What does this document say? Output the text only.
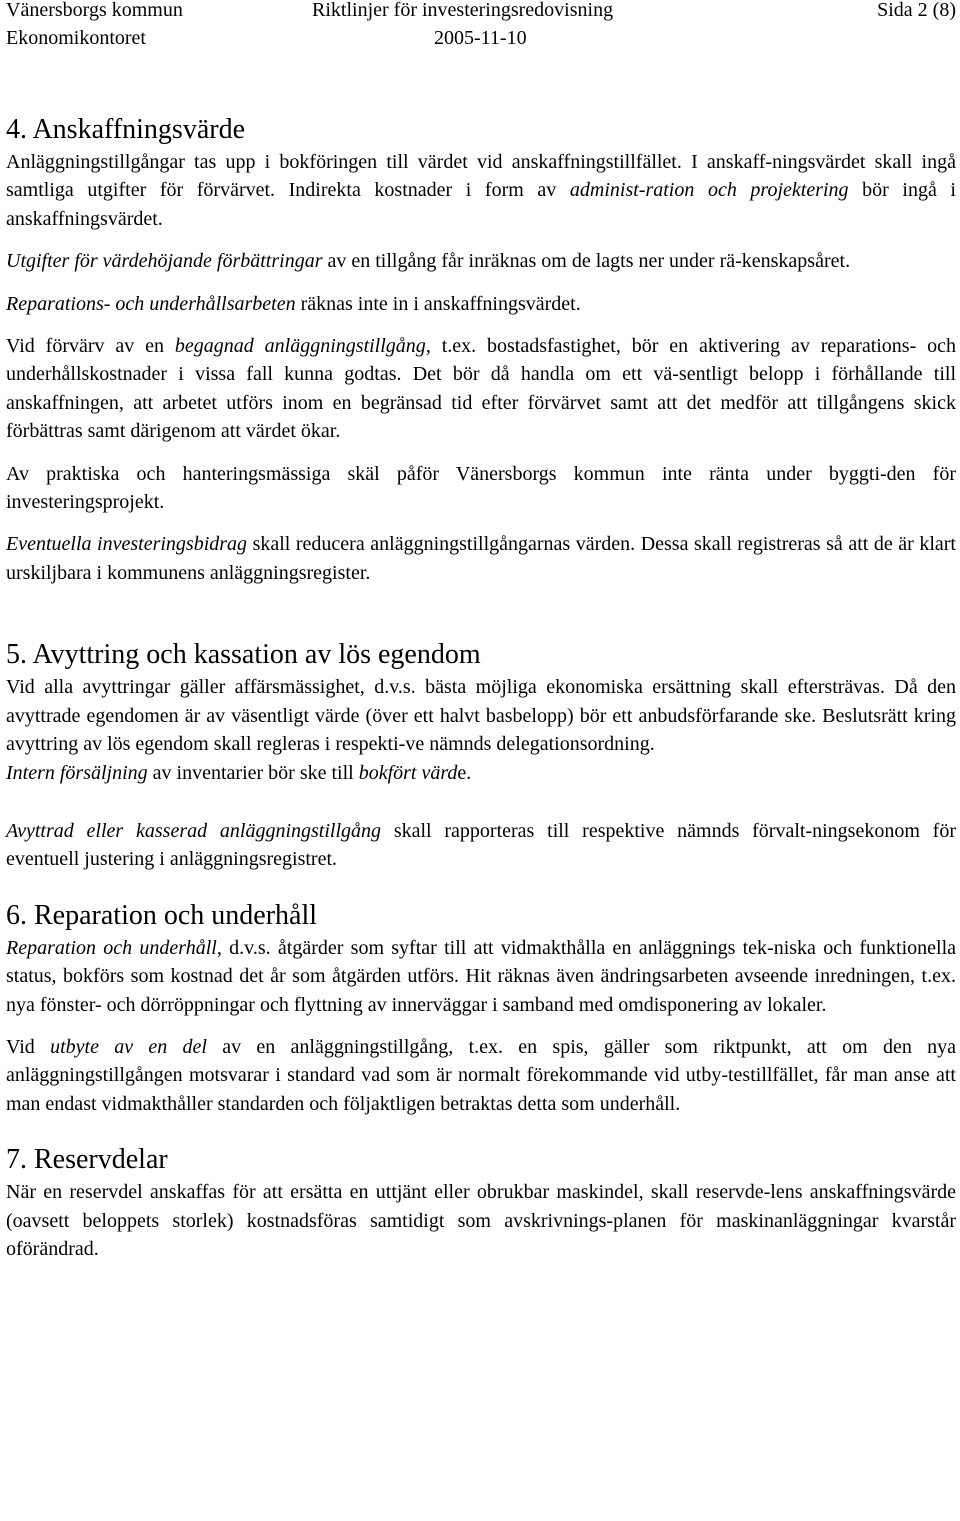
Vänersborgs kommun	Riktlinjer för investeringsredovisning	Sida 2 (8)
Ekonomikontoret	2005-11-10
4. Anskaffningsvärde

Anläggningstillgångar tas upp i bokföringen till värdet vid anskaffningstillfället. I anskaff-ningsvärdet skall ingå samtliga utgifter för förvärvet. Indirekta kostnader i form av administ-ration och projektering bör ingå i anskaffningsvärdet.

Utgifter för värdehöjande förbättringar av en tillgång får inräknas om de lagts ner under rä-kenskapsåret.

Reparations- och underhållsarbeten räknas inte in i anskaffningsvärdet.

Vid förvärv av en begagnad anläggningstillgång, t.ex. bostadsfastighet, bör en aktivering av reparations- och underhållskostnader i vissa fall kunna godtas. Det bör då handla om ett vä-sentligt belopp i förhållande till anskaffningen, att arbetet utförs inom en begränsad tid efter förvärvet samt att det medför att tillgångens skick förbättras samt därigenom att värdet ökar.

Av praktiska och hanteringsmässiga skäl påför Vänersborgs kommun inte ränta under byggti-den för investeringsprojekt.

Eventuella investeringsbidrag skall reducera anläggningstillgångarnas värden. Dessa skall registreras så att de är klart urskiljbara i kommunens anläggningsregister.

5. Avyttring och kassation av lös egendom

Vid alla avyttringar gäller affärsmässighet, d.v.s. bästa möjliga ekonomiska ersättning skall eftersträvas. Då den avyttrade egendomen är av väsentligt värde (över ett halvt basbelopp) bör ett anbudsförfarande ske. Beslutsrätt kring avyttring av lös egendom skall regleras i respekti-ve nämnds delegationsordning.

Intern försäljning av inventarier bör ske till bokfört värde.

Avyttrad eller kasserad anläggningstillgång skall rapporteras till respektive nämnds förvalt-ningsekonom för eventuell justering i anläggningsregistret.

6. Reparation och underhåll

Reparation och underhåll, d.v.s. åtgärder som syftar till att vidmakthålla en anläggnings tek-niska och funktionella status, bokförs som kostnad det år som åtgärden utförs. Hit räknas även ändringsarbeten avseende inredningen, t.ex. nya fönster- och dörröppningar och flyttning av innerväggar i samband med omdisponering av lokaler.

Vid utbyte av en del av en anläggningstillgång, t.ex. en spis, gäller som riktpunkt, att om den nya anläggningstillgången motsvarar i standard vad som är normalt förekommande vid utby-testillfället, får man anse att man endast vidmakthåller standarden och följaktligen betraktas detta som underhåll.

7. Reservdelar

När en reservdel anskaffas för att ersätta en uttjänt eller obrukbar maskindel, skall reservde-lens anskaffningsvärde (oavsett beloppets storlek) kostnadsföras samtidigt som avskrivnings-planen för maskinanläggningar kvarstår oförändrad.
